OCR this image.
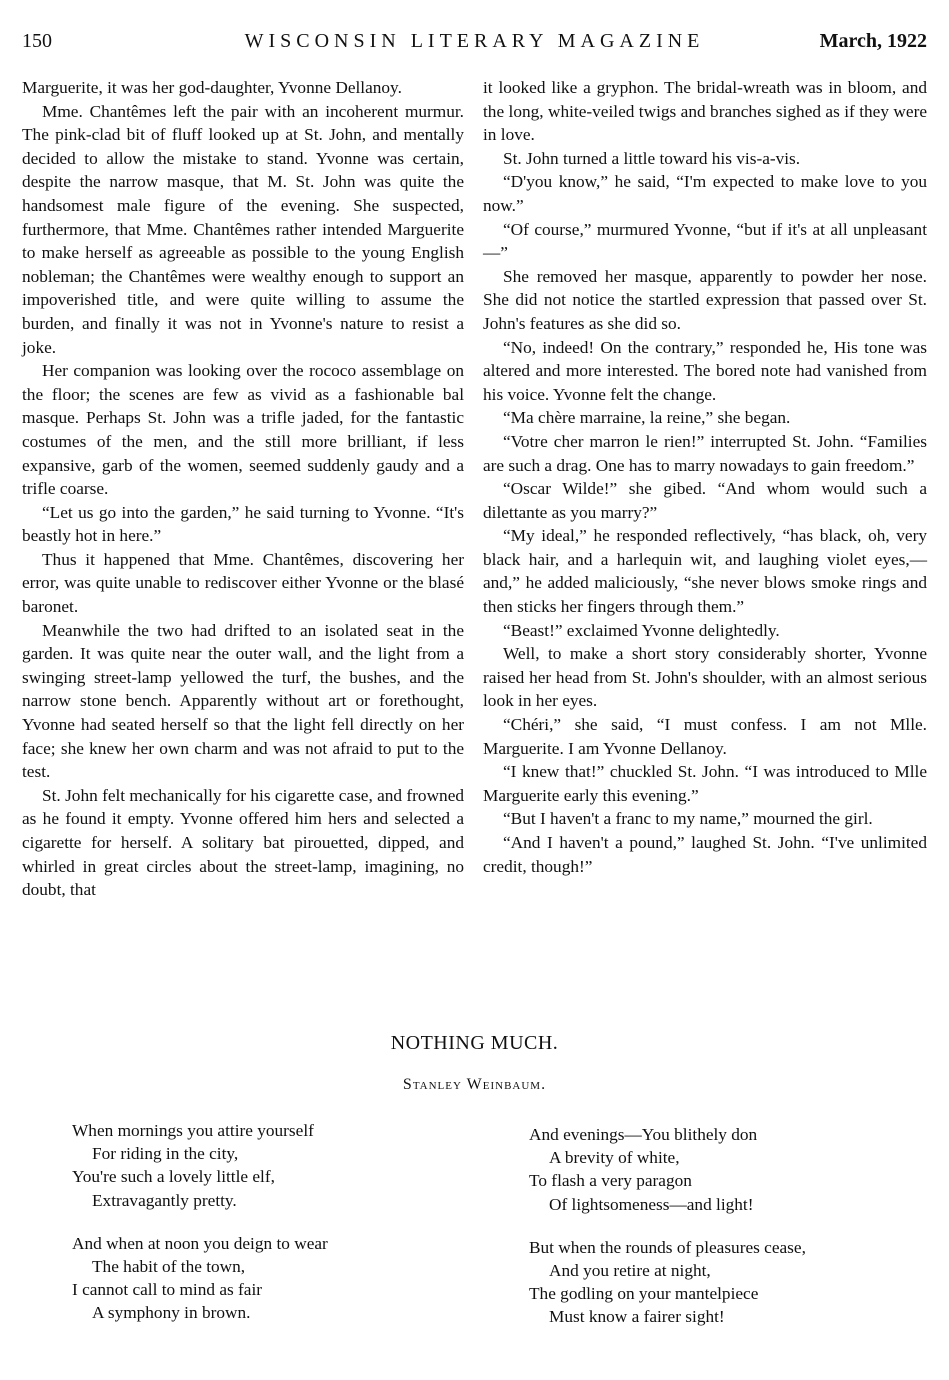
150	WISCONSIN LITERARY MAGAZINE	March, 1922

Marguerite, it was her god-daughter, Yvonne Dellanoy.

Mme. Chantêmes left the pair with an incoherent murmur. The pink-clad bit of fluff looked up at St. John, and mentally decided to allow the mistake to stand. Yvonne was certain, despite the narrow masque, that M. St. John was quite the handsomest male figure of the evening. She suspected, furthermore, that Mme. Chantêmes rather intended Marguerite to make herself as agreeable as possible to the young English nobleman; the Chantêmes were wealthy enough to support an impoverished title, and were quite willing to assume the burden, and finally it was not in Yvonne's nature to resist a joke.

Her companion was looking over the rococo assemblage on the floor; the scenes are few as vivid as a fashionable bal masque. Perhaps St. John was a trifle jaded, for the fantastic costumes of the men, and the still more brilliant, if less expansive, garb of the women, seemed suddenly gaudy and a trifle coarse.

“Let us go into the garden,” he said turning to Yvonne. “It's beastly hot in here.”

Thus it happened that Mme. Chantêmes, discovering her error, was quite unable to rediscover either Yvonne or the blasé baronet.

Meanwhile the two had drifted to an isolated seat in the garden. It was quite near the outer wall, and the light from a swinging street-lamp yellowed the turf, the bushes, and the narrow stone bench. Apparently without art or forethought, Yvonne had seated herself so that the light fell directly on her face; she knew her own charm and was not afraid to put to the test.

St. John felt mechanically for his cigarette case, and frowned as he found it empty. Yvonne offered him hers and selected a cigarette for herself. A solitary bat pirouetted, dipped, and whirled in great circles about the street-lamp, imagining, no doubt, that

it looked like a gryphon. The bridal-wreath was in bloom, and the long, white-veiled twigs and branches sighed as if they were in love.

St. John turned a little toward his vis-a-vis.

“D'you know,” he said, “I'm expected to make love to you now.”

“Of course,” murmured Yvonne, “but if it's at all unpleasant—”

She removed her masque, apparently to powder her nose. She did not notice the startled expression that passed over St. John's features as she did so.

“No, indeed! On the contrary,” responded he, His tone was altered and more interested. The bored note had vanished from his voice. Yvonne felt the change.

“Ma chère marraine, la reine,” she began.

“Votre cher marron le rien!” interrupted St. John. “Families are such a drag. One has to marry nowadays to gain freedom.”

“Oscar Wilde!” she gibed. “And whom would such a dilettante as you marry?”

“My ideal,” he responded reflectively, “has black, oh, very black hair, and a harlequin wit, and laughing violet eyes,—and,” he added maliciously, “she never blows smoke rings and then sticks her fingers through them.”

“Beast!” exclaimed Yvonne delightedly.

Well, to make a short story considerably shorter, Yvonne raised her head from St. John's shoulder, with an almost serious look in her eyes.

“Chéri,” she said, “I must confess. I am not Mlle. Marguerite. I am Yvonne Dellanoy.

“I knew that!” chuckled St. John. “I was introduced to Mlle Marguerite early this evening.”

“But I haven't a franc to my name,” mourned the girl.

“And I haven't a pound,” laughed St. John. “I've unlimited credit, though!”

NOTHING MUCH.
Stanley Weinbaum.
When mornings you attire yourself
For riding in the city,
You're such a lovely little elf,
Extravagantly pretty.
And when at noon you deign to wear
The habit of the town,
I cannot call to mind as fair
A symphony in brown.
And evenings—You blithely don
A brevity of white,
To flash a very paragon
Of lightsomeness—and light!
But when the rounds of pleasures cease,
And you retire at night,
The godling on your mantelpiece
Must know a fairer sight!
